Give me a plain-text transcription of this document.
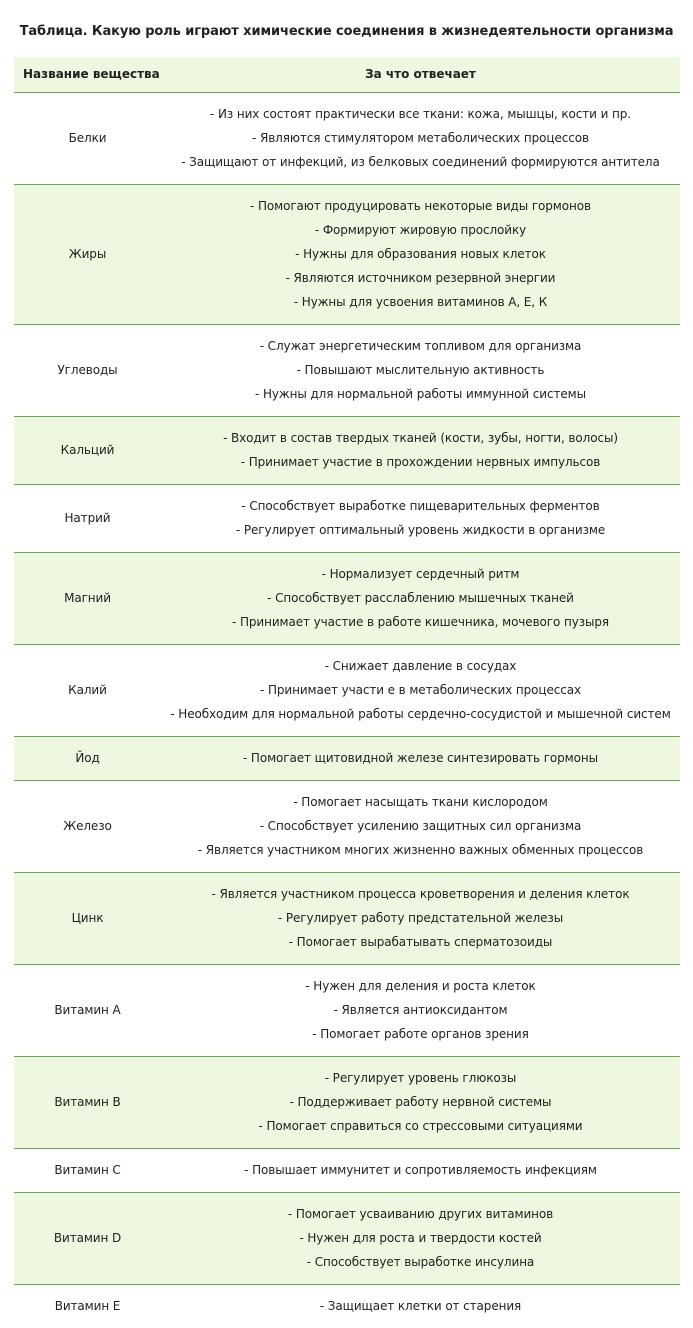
Таблица. Какую роль играют химические соединения в жизнедеятельности организма
Название вещества	За что отвечает
Белки	- Из них состоят практически все ткани: кожа, мышцы, кости и пр.
- Являются стимулятором метаболических процессов
- Защищают от инфекций, из белковых соединений формируются антитела

Жиры	- Помогают продуцировать некоторые виды гормонов
- Формируют жировую прослойку
- Нужны для образования новых клеток
- Являются источником резервной энергии
- Нужны для усвоения витаминов А, Е, К

Углеводы	- Служат энергетическим топливом для организма
- Повышают мыслительную активность
- Нужны для нормальной работы иммунной системы

Кальций	- Входит в состав твердых тканей (кости, зубы, ногти, волосы)
- Принимает участие в прохождении нервных импульсов

Натрий	- Способствует выработке пищеварительных ферментов
- Регулирует оптимальный уровень жидкости в организме

Магний	- Нормализует сердечный ритм
- Способствует расслаблению мышечных тканей
- Принимает участие в работе кишечника, мочевого пузыря

Калий	- Снижает давление в сосудах
- Принимает участи е в метаболических процессах
- Необходим для нормальной работы сердечно-сосудистой и мышечной систем

Йод	- Помогает щитовидной железе синтезировать гормоны

Железо	- Помогает насыщать ткани кислородом
- Способствует усилению защитных сил организма
- Является участником многих жизненно важных обменных процессов

Цинк	- Является участником процесса кроветворения и деления клеток
- Регулирует работу предстательной железы
- Помогает вырабатывать сперматозоиды

Витамин А	- Нужен для деления и роста клеток
- Является антиоксидантом
- Помогает работе органов зрения

Витамин В	- Регулирует уровень глюкозы
- Поддерживает работу нервной системы
- Помогает справиться со стрессовыми ситуациями

Витамин С	- Повышает иммунитет и сопротивляемость инфекциям

Витамин D	- Помогает усваиванию других витаминов
- Нужен для роста и твердости костей
- Способствует выработке инсулина

Витамин Е	- Защищает клетки от старения
